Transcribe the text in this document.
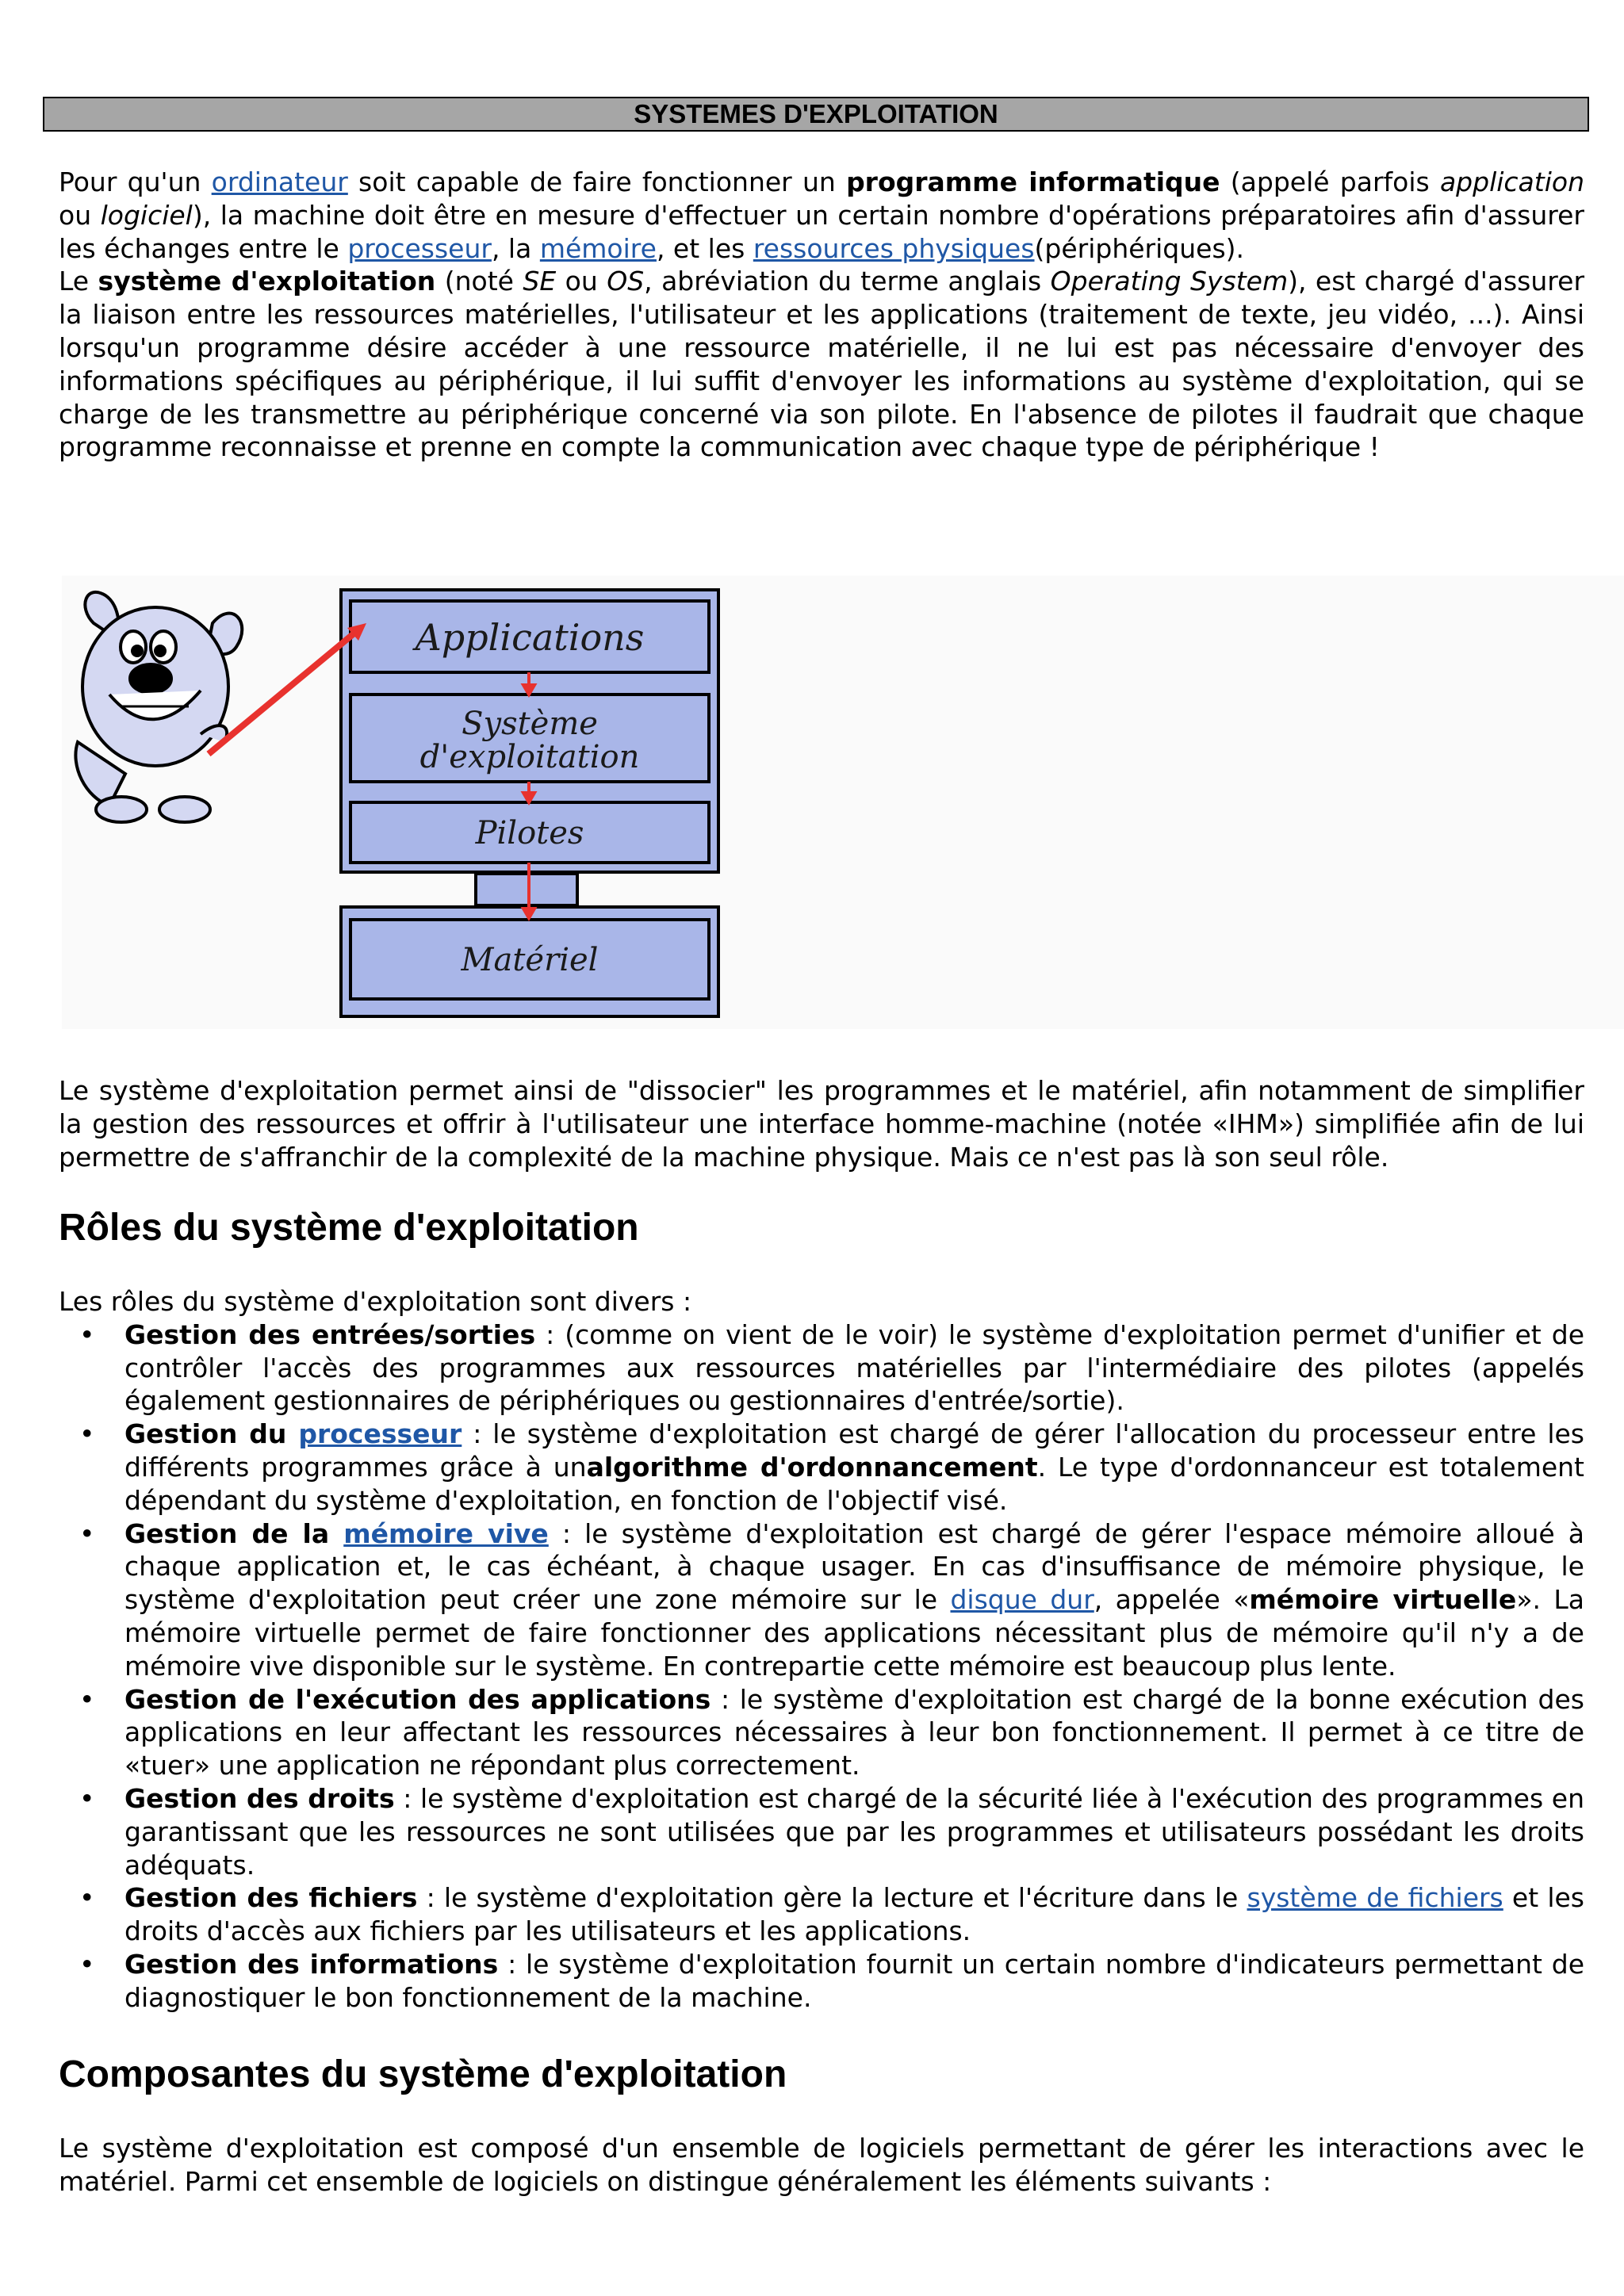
SYSTEMES D'EXPLOITATION

Pour qu'un ordinateur soit capable de faire fonctionner un programme informatique (appelé parfois application ou logiciel), la machine doit être en mesure d'effectuer un certain nombre d'opérations préparatoires afin d'assurer les échanges entre le processeur, la mémoire, et les ressources physiques(périphériques).

Le système d'exploitation (noté SE ou OS, abréviation du terme anglais Operating System), est chargé d'assurer la liaison entre les ressources matérielles, l'utilisateur et les applications (traitement de texte, jeu vidéo, ...). Ainsi lorsqu'un programme désire accéder à une ressource matérielle, il ne lui est pas nécessaire d'envoyer des informations spécifiques au périphérique, il lui suffit d'envoyer les informations au système d'exploitation, qui se charge de les transmettre au périphérique concerné via son pilote. En l'absence de pilotes il faudrait que chaque programme reconnaisse et prenne en compte la communication avec chaque type de périphérique !

Applications
Système
d'exploitation
Pilotes
Matériel

Le système d'exploitation permet ainsi de "dissocier" les programmes et le matériel, afin notamment de simplifier la gestion des ressources et offrir à l'utilisateur une interface homme-machine (notée «IHM») simplifiée afin de lui permettre de s'affranchir de la complexité de la machine physique. Mais ce n'est pas là son seul rôle.

Rôles du système d'exploitation

Les rôles du système d'exploitation sont divers :

• Gestion des entrées/sorties : (comme on vient de le voir) le système d'exploitation permet d'unifier et de contrôler l'accès des programmes aux ressources matérielles par l'intermédiaire des pilotes (appelés également gestionnaires de périphériques ou gestionnaires d'entrée/sortie).
• Gestion du processeur : le système d'exploitation est chargé de gérer l'allocation du processeur entre les différents programmes grâce à unalgorithme d'ordonnancement. Le type d'ordonnanceur est totalement dépendant du système d'exploitation, en fonction de l'objectif visé.
• Gestion de la mémoire vive : le système d'exploitation est chargé de gérer l'espace mémoire alloué à chaque application et, le cas échéant, à chaque usager. En cas d'insuffisance de mémoire physique, le système d'exploitation peut créer une zone mémoire sur le disque dur, appelée «mémoire virtuelle». La mémoire virtuelle permet de faire fonctionner des applications nécessitant plus de mémoire qu'il n'y a de mémoire vive disponible sur le système. En contrepartie cette mémoire est beaucoup plus lente.
• Gestion de l'exécution des applications : le système d'exploitation est chargé de la bonne exécution des applications en leur affectant les ressources nécessaires à leur bon fonctionnement. Il permet à ce titre de «tuer» une application ne répondant plus correctement.
• Gestion des droits : le système d'exploitation est chargé de la sécurité liée à l'exécution des programmes en garantissant que les ressources ne sont utilisées que par les programmes et utilisateurs possédant les droits adéquats.
• Gestion des fichiers : le système d'exploitation gère la lecture et l'écriture dans le système de fichiers et les droits d'accès aux fichiers par les utilisateurs et les applications.
• Gestion des informations : le système d'exploitation fournit un certain nombre d'indicateurs permettant de diagnostiquer le bon fonctionnement de la machine.
Composantes du système d'exploitation

Le système d'exploitation est composé d'un ensemble de logiciels permettant de gérer les interactions avec le matériel. Parmi cet ensemble de logiciels on distingue généralement les éléments suivants :
